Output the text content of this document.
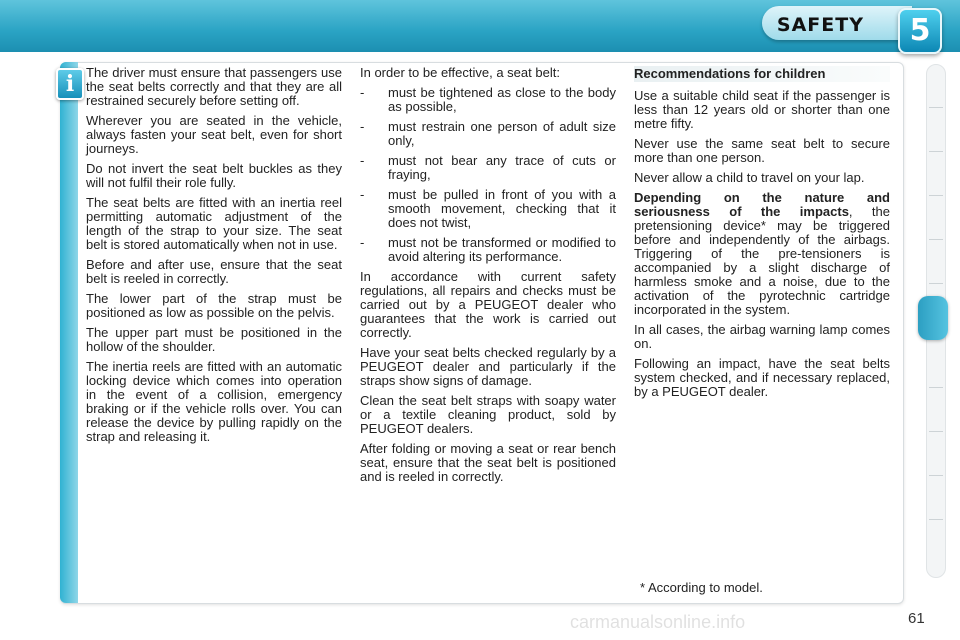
SAFETY	5
i The driver must ensure that passengers use the seat belts correctly and that they are all restrained securely before setting off.

Wherever you are seated in the vehicle, always fasten your seat belt, even for short journeys.

Do not invert the seat belt buckles as they will not fulfil their role fully.

The seat belts are fitted with an inertia reel permitting automatic adjustment of the length of the strap to your size. The seat belt is stored automatically when not in use.

Before and after use, ensure that the seat belt is reeled in correctly.

The lower part of the strap must be positioned as low as possible on the pelvis.

The upper part must be positioned in the hollow of the shoulder.

The inertia reels are fitted with an automatic locking device which comes into operation in the event of a collision, emergency braking or if the vehicle rolls over. You can release the device by pulling rapidly on the strap and releasing it.

In order to be effective, a seat belt:

-	must be tightened as close to the body as possible,
-	must restrain one person of adult size only,
-	must not bear any trace of cuts or fraying,
-	must be pulled in front of you with a smooth movement, checking that it does not twist,
-	must not be transformed or modified to avoid altering its performance.

In accordance with current safety regulations, all repairs and checks must be carried out by a PEUGEOT dealer who guarantees that the work is carried out correctly.

Have your seat belts checked regularly by a PEUGEOT dealer and particularly if the straps show signs of damage.

Clean the seat belt straps with soapy water or a textile cleaning product, sold by PEUGEOT dealers.

After folding or moving a seat or rear bench seat, ensure that the seat belt is positioned and is reeled in correctly.

Recommendations for children

Use a suitable child seat if the passenger is less than 12 years old or shorter than one metre fifty.

Never use the same seat belt to secure more than one person.

Never allow a child to travel on your lap.

Depending on the nature and seriousness of the impacts, the pretensioning device* may be triggered before and independently of the airbags. Triggering of the pre-tensioners is accompanied by a slight discharge of harmless smoke and a noise, due to the activation of the pyrotechnic cartridge incorporated in the system.

In all cases, the airbag warning lamp comes on.

Following an impact, have the seat belts system checked, and if necessary replaced, by a PEUGEOT dealer.

* According to model.
carmanualsonline.info	61
